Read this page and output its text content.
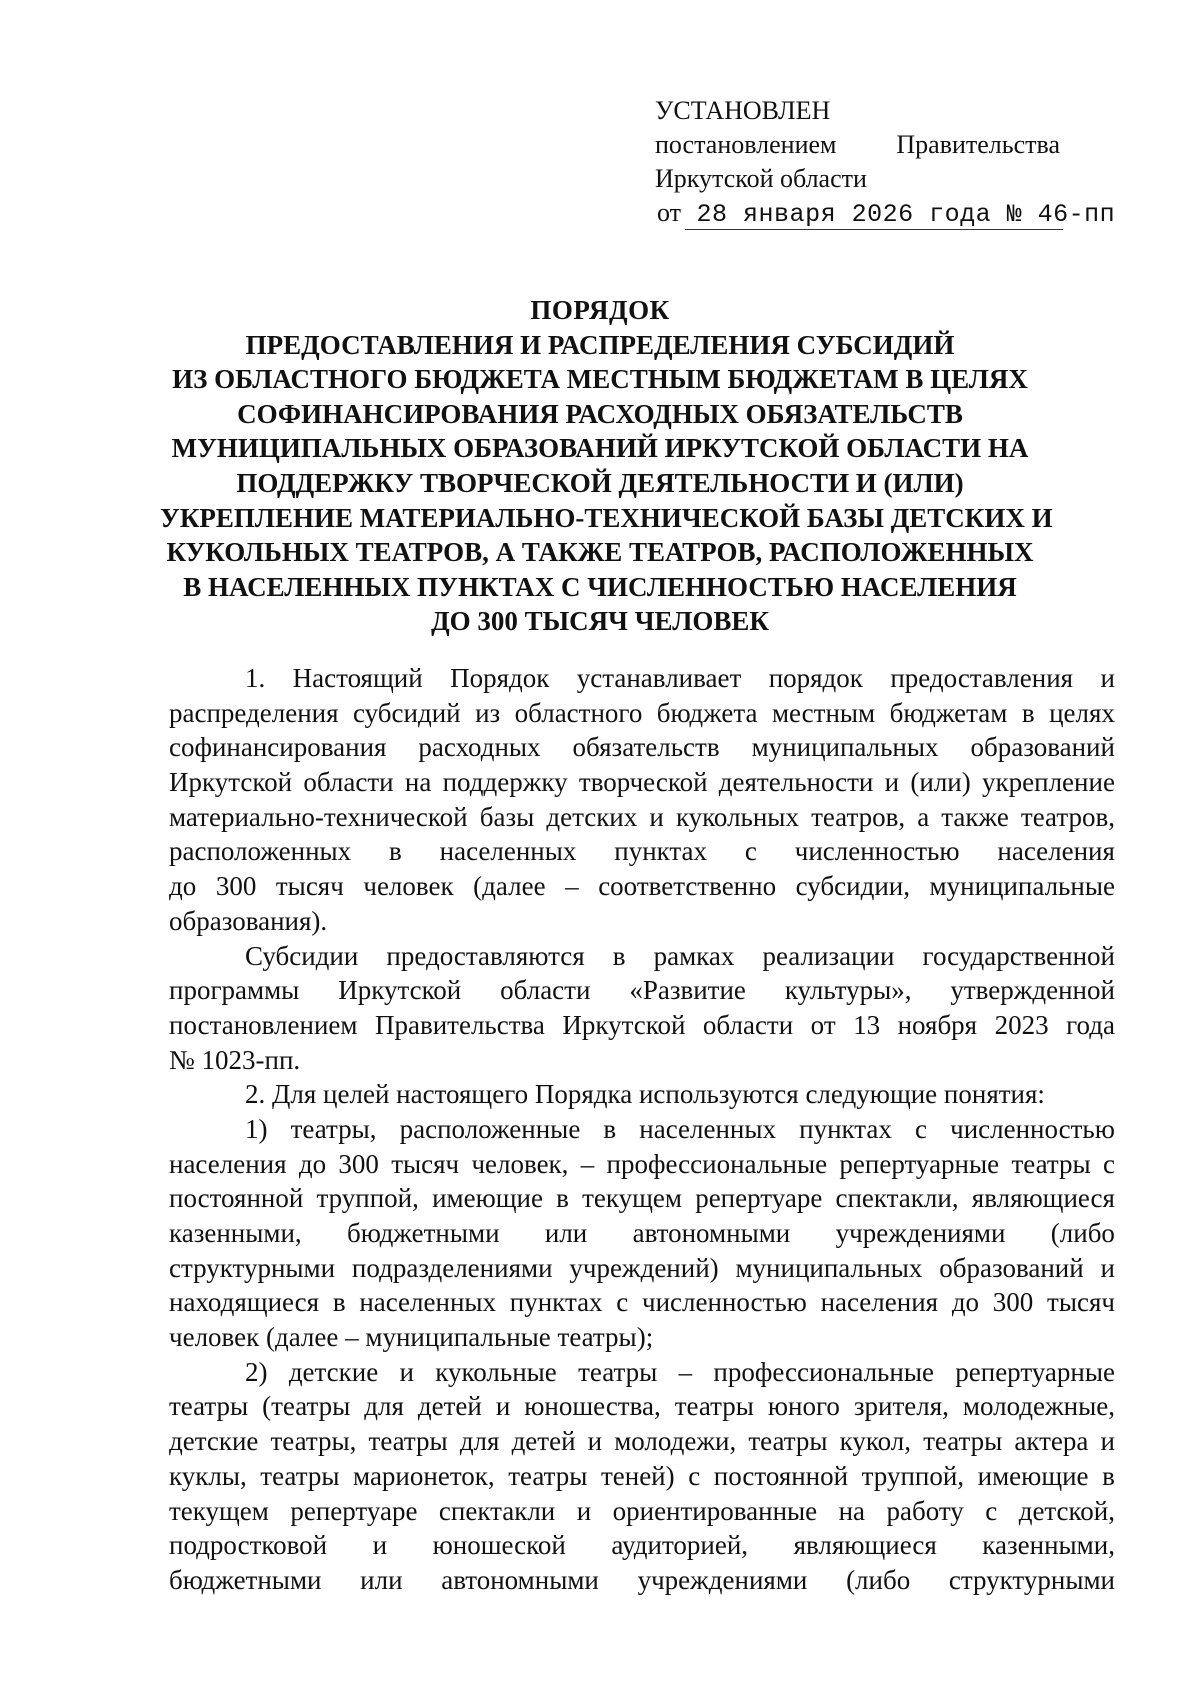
УСТАНОВЛЕН
постановлением Правительства
Иркутской области
от 28 января 2026 года № 46-пп
ПОРЯДОК
ПРЕДОСТАВЛЕНИЯ И РАСПРЕДЕЛЕНИЯ СУБСИДИЙ
ИЗ ОБЛАСТНОГО БЮДЖЕТА МЕСТНЫМ БЮДЖЕТАМ В ЦЕЛЯХ
СОФИНАНСИРОВАНИЯ РАСХОДНЫХ ОБЯЗАТЕЛЬСТВ
МУНИЦИПАЛЬНЫХ ОБРАЗОВАНИЙ ИРКУТСКОЙ ОБЛАСТИ НА
ПОДДЕРЖКУ ТВОРЧЕСКОЙ ДЕЯТЕЛЬНОСТИ И (ИЛИ)
УКРЕПЛЕНИЕ МАТЕРИАЛЬНО-ТЕХНИЧЕСКОЙ БАЗЫ ДЕТСКИХ И
КУКОЛЬНЫХ ТЕАТРОВ, А ТАКЖЕ ТЕАТРОВ, РАСПОЛОЖЕННЫХ
В НАСЕЛЕННЫХ ПУНКТАХ С ЧИСЛЕННОСТЬЮ НАСЕЛЕНИЯ
ДО 300 ТЫСЯЧ ЧЕЛОВЕК
1. Настоящий Порядок устанавливает порядок предоставления и
распределения субсидий из областного бюджета местным бюджетам в целях
софинансирования расходных обязательств муниципальных образований
Иркутской области на поддержку творческой деятельности и (или) укрепление
материально-технической базы детских и кукольных театров, а также театров,
расположенных в населенных пунктах с численностью населения
до 300 тысяч человек (далее – соответственно субсидии, муниципальные
образования).
Субсидии предоставляются в рамках реализации государственной
программы Иркутской области «Развитие культуры», утвержденной
постановлением Правительства Иркутской области от 13 ноября 2023 года
№ 1023-пп.
2. Для целей настоящего Порядка используются следующие понятия:
1) театры, расположенные в населенных пунктах с численностью
населения до 300 тысяч человек, – профессиональные репертуарные театры с
постоянной труппой, имеющие в текущем репертуаре спектакли, являющиеся
казенными, бюджетными или автономными учреждениями (либо
структурными подразделениями учреждений) муниципальных образований и
находящиеся в населенных пунктах с численностью населения до 300 тысяч
человек (далее – муниципальные театры);
2) детские и кукольные театры – профессиональные репертуарные
театры (театры для детей и юношества, театры юного зрителя, молодежные,
детские театры, театры для детей и молодежи, театры кукол, театры актера и
куклы, театры марионеток, театры теней) с постоянной труппой, имеющие в
текущем репертуаре спектакли и ориентированные на работу с детской,
подростковой и юношеской аудиторией, являющиеся казенными,
бюджетными или автономными учреждениями (либо структурными
